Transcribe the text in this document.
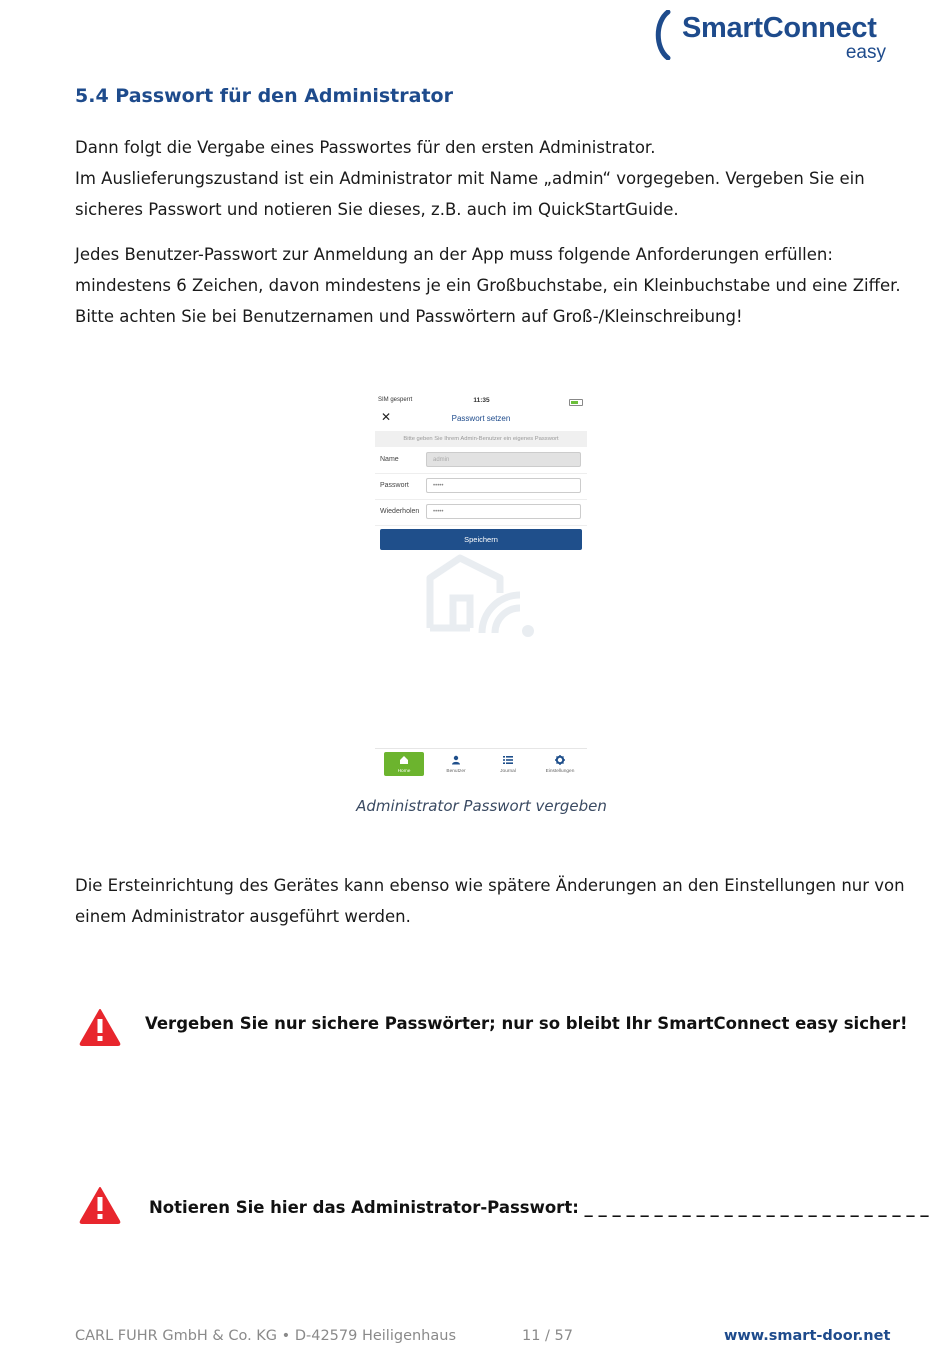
SmartConnect
easy
5.4 Passwort für den Administrator

Dann folgt die Vergabe eines Passwortes für den ersten Administrator.

Im Auslieferungszustand ist ein Administrator mit Name „admin“ vorgegeben. Vergeben Sie ein sicheres Passwort und notieren Sie dieses, z.B. auch im QuickStartGuide.

Jedes Benutzer-Passwort zur Anmeldung an der App muss folgende Anforderungen erfüllen: mindestens 6 Zeichen, davon mindestens je ein Großbuchstabe, ein Kleinbuchstabe und eine Ziffer.

Bitte achten Sie bei Benutzernamen und Passwörtern auf Groß-/Kleinschreibung!

SIM gesperrt	11:35
✕	Passwort setzen
Bitte geben Sie Ihrem Admin-Benutzer ein eigenes Passwort
Name	admin
Passwort	•••••
Wiederholen	•••••
Speichern
Home	Benutzer	Journal	Einstellungen
Administrator Passwort vergeben
Die Ersteinrichtung des Gerätes kann ebenso wie spätere Änderungen an den Einstellungen nur von einem Administrator ausgeführt werden.
Vergeben Sie nur sichere Passwörter; nur so bleibt Ihr SmartConnect easy sicher!
Notieren Sie hier das Administrator-Passwort: _ _ _ _ _ _ _ _ _ _ _ _ _ _ _ _ _ _ _ _ _ _ _ _ _
CARL FUHR GmbH & Co. KG • D-42579 Heiligenhaus	11 / 57	www.smart-door.net
